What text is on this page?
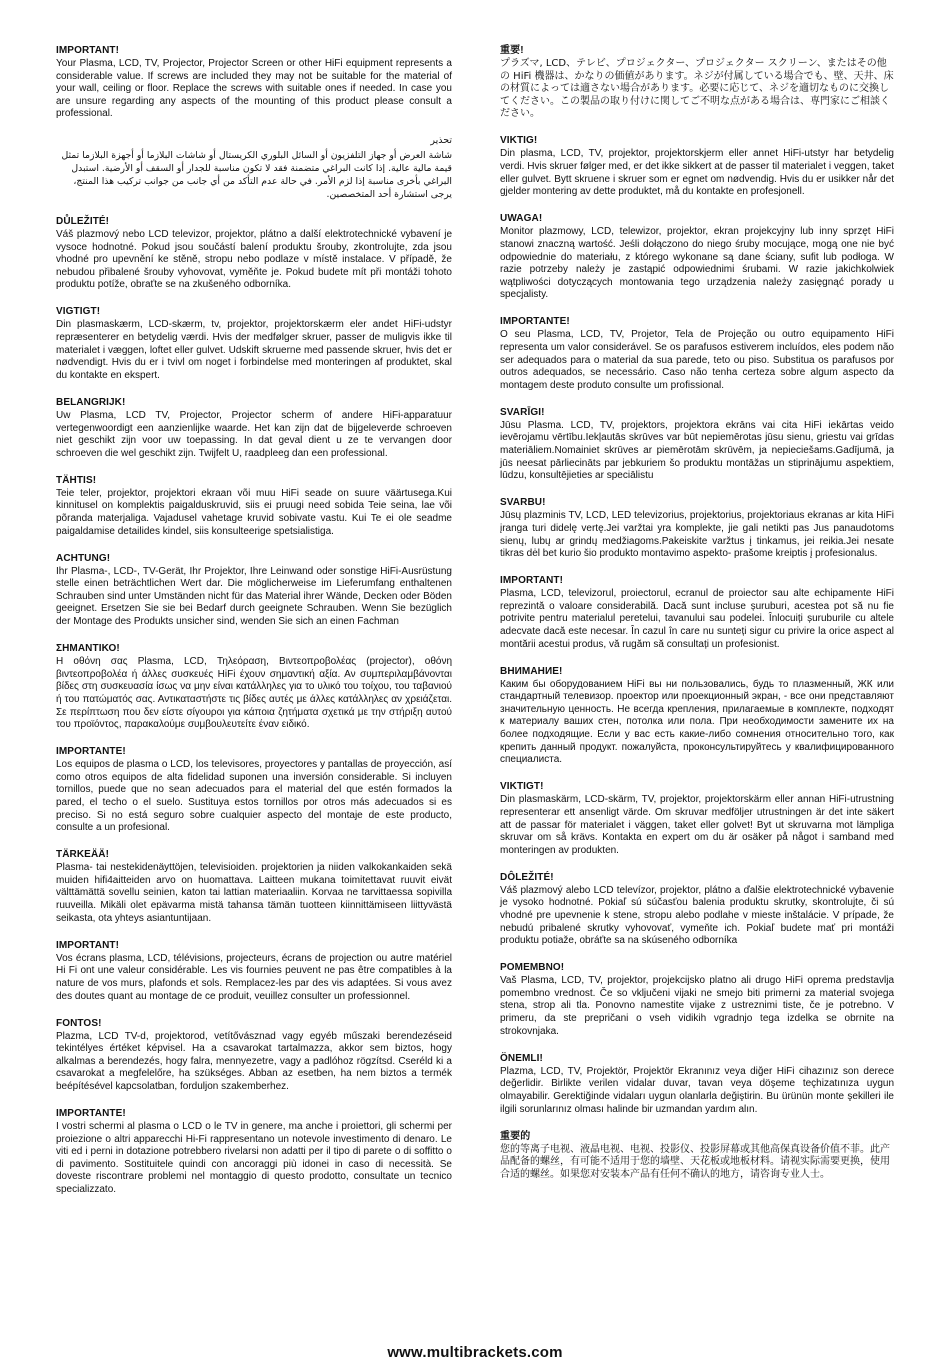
IMPORTANT!

Your Plasma, LCD, TV, Projector, Projector Screen or other HiFi equipment represents a considerable value. If screws are included they may not be suitable for the material of your wall, ceiling or floor. Replace the screws with suitable ones if needed. In case you are unsure regarding any aspects of the mounting of this product please consult a professional.

تحذير

شاشة العرض أو جهاز التلفزيون أو السائل البلوري الكريستال أو شاشات البلازما أو أجهزة البلازما تمثل قيمة مالية عالية. إذا كانت البراغي متضمنة فقد لا تكون مناسبة للجدار أو السقف أو الأرضية. استبدل البراغي بأخرى مناسبة إذا لزم الأمر. في حالة عدم التأكد من أي جانب من جوانب تركيب هذا المنتج، يرجى استشارة أحد المتخصصين.

DŮLEŽITÉ!

Váš plazmový nebo LCD televizor, projektor, plátno a další elektrotechnické vybavení je vysoce hodnotné. Pokud jsou součástí balení produktu šrouby, zkontrolujte, zda jsou vhodné pro upevnění ke stěně, stropu nebo podlaze v místě instalace. V případě, že nebudou přibalené šrouby vyhovovat, vyměňte je. Pokud budete mít při montáži tohoto produktu potíže, obraťte se na zkušeného odborníka.

VIGTIGT!

Din plasmaskærm, LCD-skærm, tv, projektor, projektorskærm eler andet HiFi-udstyr repræsenterer en betydelig værdi. Hvis der medfølger skruer, passer de muligvis ikke til materialet i væggen, loftet eller gulvet. Udskift skruerne med passende skruer, hvis det er nødvendigt. Hvis du er i tvivl om noget i forbindelse med monteringen af produktet, skal du kontakte en ekspert.

BELANGRIJK!

Uw Plasma, LCD TV, Projector, Projector scherm of andere HiFi-apparatuur vertegenwoordigt een aanzienlijke waarde. Het kan zijn dat de bijgeleverde schroeven niet geschikt zijn voor uw toepassing. In dat geval dient u ze te vervangen door schroeven die wel geschikt zijn. Twijfelt U, raadpleeg dan een professional.

TÄHTIS!

Teie teler, projektor, projektori ekraan või muu HiFi seade on suure väärtusega.Kui kinnitusel on komplektis paigalduskruvid, siis ei pruugi need sobida Teie seina, lae või põranda materjaliga. Vajadusel vahetage kruvid sobivate vastu. Kui Te ei ole seadme paigaldamise detailides kindel, siis konsulteerige spetsialistiga.

ACHTUNG!

Ihr Plasma-, LCD-, TV-Gerät, Ihr Projektor, Ihre Leinwand oder sonstige HiFi-Ausrüstung stelle einen beträchtlichen Wert dar. Die möglicherweise im Lieferumfang enthaltenen Schrauben sind unter Umständen nicht für das Material ihrer Wände, Decken oder Böden geeignet. Ersetzen Sie sie bei Bedarf durch geeignete Schrauben. Wenn Sie bezüglich der Montage des Produkts unsicher sind, wenden Sie sich an einen Fachman

ΣΗΜΑΝΤΙΚΟ!

Η οθόνη σας Plasma, LCD, Τηλεόραση, Βιντεοπροβολέας (projector), οθόνη βιντεοπροβολέα ή άλλες συσκευές HiFi έχουν σημαντική αξία. Αν συμπεριλαμβάνονται βίδες στη συσκευασία ίσως να μην είναι κατάλληλες για το υλικό του τοίχου, του ταβανιού ή του πατώματός σας. Αντικαταστήστε τις βίδες αυτές με άλλες κατάλληλες αν χρειάζεται. Σε περίπτωση που δεν είστε σίγουροι για κάποια ζητήματα σχετικά με την στήριξη αυτού του προϊόντος, παρακαλούμε συμβουλευτείτε έναν ειδικό.

IMPORTANTE!

Los equipos de plasma o LCD, los televisores, proyectores y pantallas de proyección, así como otros equipos de alta fidelidad suponen una inversión considerable. Si incluyen tornillos, puede que no sean adecuados para el material del que estén formados la pared, el techo o el suelo. Sustituya estos tornillos por otros más adecuados si es preciso. Si no está seguro sobre cualquier aspecto del montaje de este producto, consulte a un profesional.

TÄRKEÄÄ!

Plasma- tai nestekidenäyttöjen, televisioiden. projektorien ja niiden valkokankaiden sekä muiden hifi4aitteiden arvo on huomattava. Laitteen mukana toimitettavat ruuvit eivät välttämättä sovellu seinien, katon tai lattian materiaaliin. Korvaa ne tarvittaessa sopivilla ruuveilla. Mikäli olet epävarma mistä tahansa tämän tuotteen kiinnittämiseen liittyvästä seikasta, ota yhteys asiantuntijaan.

IMPORTANT!

Vos écrans plasma, LCD, télévisions, projecteurs, écrans de projection ou autre matériel Hi Fi ont une valeur considérable. Les vis fournies peuvent ne pas être compatibles à la nature de vos murs, plafonds et sols. Remplacez-les par des vis adaptées. Si vous avez des doutes quant au montage de ce produit, veuillez consulter un professionnel.

FONTOS!

Plazma, LCD TV-d, projektorod, vetítővásznad vagy egyéb műszaki berendezéseid tekintélyes értéket képvisel. Ha a csavarokat tartalmazza, akkor sem biztos, hogy alkalmas a berendezés, hogy falra, mennyezetre, vagy a padlóhoz rögzítsd. Cseréld ki a csavarokat a megfelelőre, ha szükséges. Abban az esetben, ha nem biztos a termék beépítésével kapcsolatban, forduljon szakemberhez.

IMPORTANTE!

I vostri schermi al plasma o LCD o le TV in genere, ma anche i proiettori, gli schermi per proiezione o altri apparecchi Hi-Fi rappresentano un notevole investimento di denaro. Le viti ed i perni in dotazione potrebbero rivelarsi non adatti per il tipo di parete o di soffitto o di pavimento. Sostituitele quindi con ancoraggi più idonei in caso di necessità. Se doveste riscontrare problemi nel montaggio di questo prodotto, consultate un tecnico specializzato.

重要!

プラズマ, LCD、テレビ、プロジェクター、プロジェクター スクリーン、またはその他の HiFi 機器は、かなりの価値があります。ネジが付属している場合でも、壁、天井、床の材質によっては適さない場合があります。必要に応じて、ネジを適切なものに交換してください。この製品の取り付けに関してご不明な点がある場合は、専門家にご相談ください。

VIKTIG!

Din plasma, LCD, TV, projektor, projektorskjerm eller annet HiFi-utstyr har betydelig verdi. Hvis skruer følger med, er det ikke sikkert at de passer til materialet i veggen, taket eller gulvet. Bytt skruene i skruer som er egnet om nødvendig. Hvis du er usikker når det gjelder montering av dette produktet, må du kontakte en profesjonell.

UWAGA!

Monitor plazmowy, LCD, telewizor, projektor, ekran projekcyjny lub inny sprzęt HiFi stanowi znaczną wartość. Jeśli dołączono do niego śruby mocujące, mogą one nie być odpowiednie do materiału, z którego wykonane są dane ściany, sufit lub podłoga. W razie potrzeby należy je zastąpić odpowiednimi śrubami. W razie jakichkolwiek wątpliwości dotyczących montowania tego urządzenia należy zasięgnąć porady u specjalisty.

IMPORTANTE!

O seu Plasma, LCD, TV, Projetor, Tela de Projeção ou outro equipamento HiFi representa um valor considerável. Se os parafusos estiverem incluídos, eles podem não ser adequados para o material da sua parede, teto ou piso. Substitua os parafusos por outros adequados, se necessário. Caso não tenha certeza sobre algum aspecto da montagem deste produto consulte um profissional.

SVARĪGI!

Jūsu Plasma. LCD, TV, projektors, projektora ekrāns vai cita HiFi iekārtas veido ievērojamu vērtību.Iekļautās skrūves var būt nepiemērotas jūsu sienu, griestu vai grīdas materiāliem.Nomainiet skrūves ar piemērotām skrūvēm, ja nepieciešams.Gadījumā, ja jūs neesat pārliecināts par jebkuriem šo produktu montāžas un stiprinājumu aspektiem, lūdzu, konsultējieties ar speciālistu

SVARBU!

Jūsų plazminis TV, LCD, LED televizorius, projektorius, projektoriaus ekranas ar kita HiFi įranga turi didelę vertę.Jei varžtai yra komplekte, jie gali netikti pas Jus panaudotoms sienų, lubų ar grindų medžiagoms.Pakeiskite varžtus į tinkamus, jei reikia.Jei nesate tikras dėl bet kurio šio produkto montavimo aspekto- prašome kreiptis į profesionalus.

IMPORTANT!

Plasma, LCD, televizorul, proiectorul, ecranul de proiector sau alte echipamente HiFi reprezintă o valoare considerabilă. Dacă sunt incluse șuruburi, acestea pot să nu fie potrivite pentru materialul peretelui, tavanului sau podelei. Înlocuiți șuruburile cu altele adecvate dacă este necesar. În cazul în care nu sunteți sigur cu privire la orice aspect al montării acestui produs, vă rugăm să consultați un profesionist.

ВНИМАНИЕ!

Каким бы оборудованием HiFi вы ни пользовались, будь то плазменный, ЖК или стандартный телевизор. проектор или проекционный экран, - все они представляют значительную ценность. Не всегда крепления, прилагаемые в комплекте, подходят к материалу ваших стен, потолка или пола. При необходимости замените их на более подходящие. Если у вас есть какие-либо сомнения относительно того, как крепить данный продукт. пожалуйста, проконсультируйтесь у квалифицированного специалиста.

VIKTIGT!

Din plasmaskärm, LCD-skärm, TV, projektor, projektorskärm eller annan HiFi-utrustning representerar ett ansenligt värde. Om skruvar medföljer utrustningen är det inte säkert att de passar för materialet i väggen, taket eller golvet! Byt ut skruvarna mot lämpliga skruvar om så krävs. Kontakta en expert om du är osäker på något i samband med monteringen av produkten.

DÔLEŽITÉ!

Váš plazmový alebo LCD televízor, projektor, plátno a ďalšie elektrotechnické vybavenie je vysoko hodnotné. Pokiaľ sú súčasťou balenia produktu skrutky, skontrolujte, či sú vhodné pre upevnenie k stene, stropu alebo podlahe v mieste inštalácie. V prípade, že nebudú pribalené skrutky vyhovovať, vymeňte ich. Pokiaľ budete mať pri montáži produktu potiaže, obráťte sa na skúseného odborníka

POMEMBNO!

Vaš Plasma, LCD, TV, projektor, projekcijsko platno ali drugo HiFi oprema predstavlja pomembno vrednost. Če so vključeni vijaki ne smejo biti primerni za material svojega stena, strop ali tla. Ponovno namestite vijake z ustreznimi tiste, če je potrebno. V primeru, da ste prepričani o vseh vidikih vgradnjo tega izdelka se obrnite na strokovnjaka.

ÖNEMLI!

Plazma, LCD, TV, Projektör, Projektör Ekranınız veya diğer HiFi cihazınız son derece değerlidir. Birlikte verilen vidalar duvar, tavan veya döşeme teçhizatınıza uygun olmayabilir. Gerektiğinde vidaları uygun olanlarla değiştirin. Bu ürünün monte şekilleri ile ilgili sorunlarınız olması halinde bir uzmandan yardım alın.

重要的

您的等离子电视、液晶电视、电视、投影仪、投影屏幕或其他高保真设备价值不菲。此产品配备的螺丝，有可能不适用于您的墙壁、天花板或地板材料。请视实际需要更换，使用合适的螺丝。如果您对安装本产品有任何不确认的地方，请咨询专业人士。

www.multibrackets.com
